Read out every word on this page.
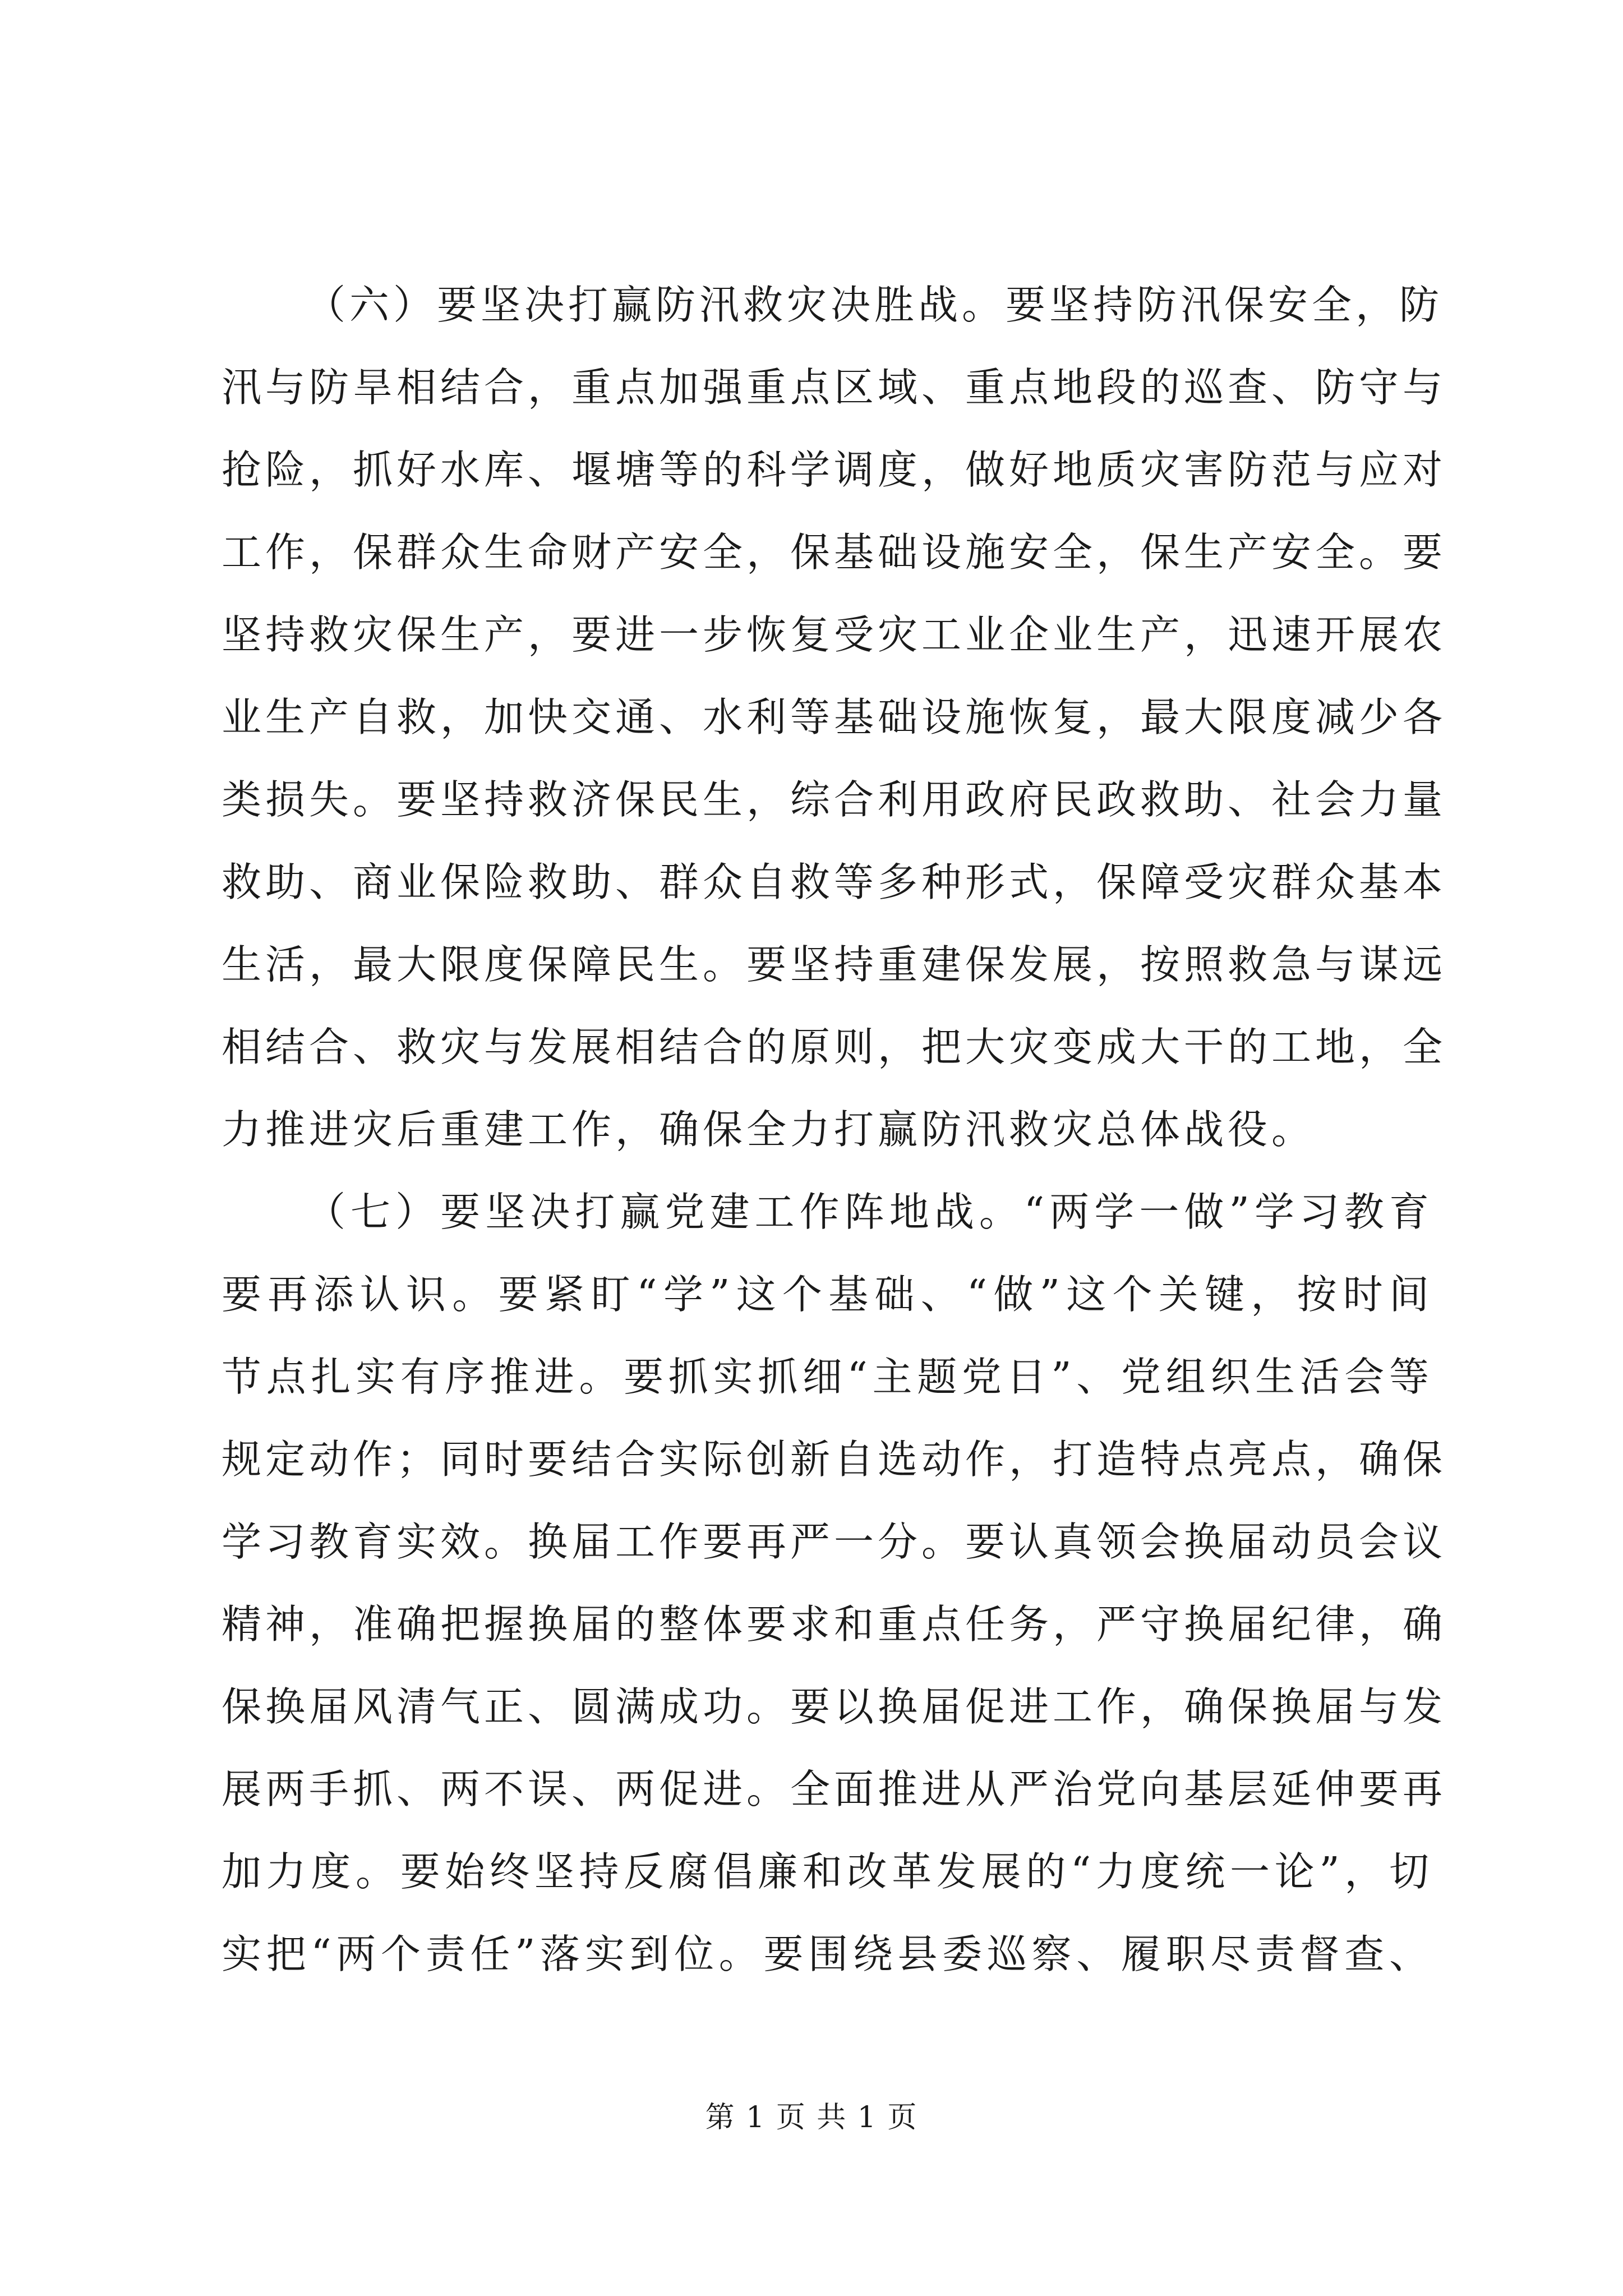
（六）要坚决打赢防汛救灾决胜战。要坚持防汛保安全，防
汛与防旱相结合，重点加强重点区域、重点地段的巡查、防守与
抢险，抓好水库、堰塘等的科学调度，做好地质灾害防范与应对
工作，保群众生命财产安全，保基础设施安全，保生产安全。要
坚持救灾保生产，要进一步恢复受灾工业企业生产，迅速开展农
业生产自救，加快交通、水利等基础设施恢复，最大限度减少各
类损失。要坚持救济保民生，综合利用政府民政救助、社会力量
救助、商业保险救助、群众自救等多种形式，保障受灾群众基本
生活，最大限度保障民生。要坚持重建保发展，按照救急与谋远
相结合、救灾与发展相结合的原则，把大灾变成大干的工地，全
力推进灾后重建工作，确保全力打赢防汛救灾总体战役。
（七）要坚决打赢党建工作阵地战。“两学一做”学习教育
要再添认识。要紧盯“学”这个基础、“做”这个关键，按时间
节点扎实有序推进。要抓实抓细“主题党日”、党组织生活会等
规定动作；同时要结合实际创新自选动作，打造特点亮点，确保
学习教育实效。换届工作要再严一分。要认真领会换届动员会议
精神，准确把握换届的整体要求和重点任务，严守换届纪律，确
保换届风清气正、圆满成功。要以换届促进工作，确保换届与发
展两手抓、两不误、两促进。全面推进从严治党向基层延伸要再
加力度。要始终坚持反腐倡廉和改革发展的“力度统一论”，切
实把“两个责任”落实到位。要围绕县委巡察、履职尽责督查、
第 1 页 共 1 页
